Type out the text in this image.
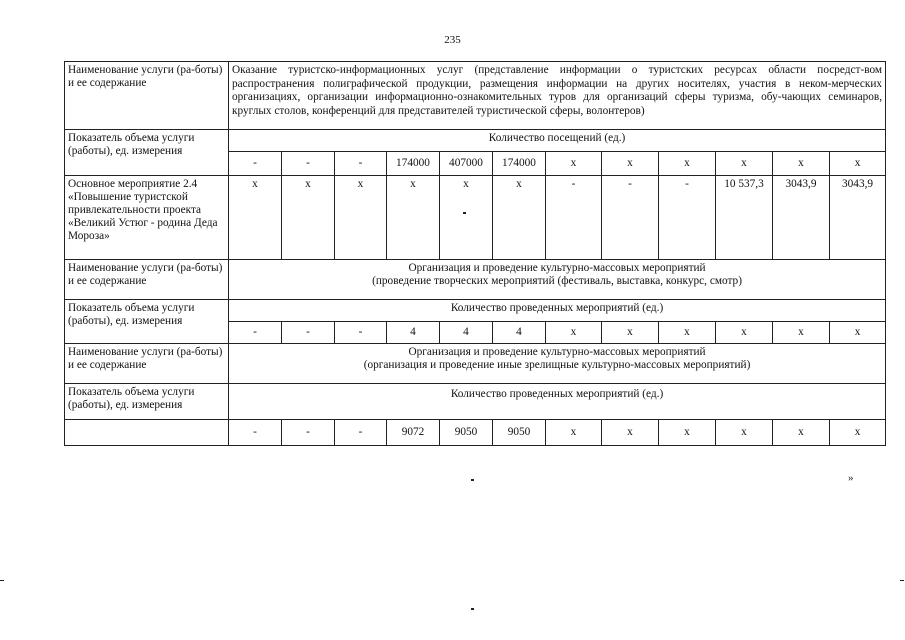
235
Наименование услуги (ра-боты) и ее содержание	Оказание туристско-информационных услуг (представление информации о туристских ресурсах области посредст-вом распространения полиграфической продукции, размещения информации на других носителях, участия в неком-мерческих организациях, организации информационно-ознакомительных туров для организаций сферы туризма, обу-чающих семинаров, круглых столов, конференций для представителей туристической сферы, волонтеров)											
Показатель объема услуги (работы), ед. измерения	Количество посещений (ед.)											
	-	-	-	174000	407000	174000	х	х	х	х	х	х
Основное мероприятие 2.4 «Повышение туристской привлекательности проекта «Великий Устюг - родина Деда Мороза»	х	х	х	х	х	х	-	-	-	10 537,3	3043,9	3043,9
Наименование услуги (ра-боты) и ее содержание	Организация и проведение культурно-массовых мероприятий
(проведение творческих мероприятий (фестиваль, выставка, конкурс, смотр)											

Показатель объема услуги (работы), ед. измерения	Количество проведенных мероприятий (ед.)											
	-	-	-	4	4	4	х	х	х	х	х	х
Наименование услуги (ра-боты) и ее содержание	Организация и проведение культурно-массовых мероприятий
(организация и проведение иные зрелищные культурно-массовых мероприятий)											

Показатель объема услуги (работы), ед. измерения	Количество проведенных мероприятий (ед.)											
	-	-	-	9072	9050	9050	х	х	х	х	х	х
»
